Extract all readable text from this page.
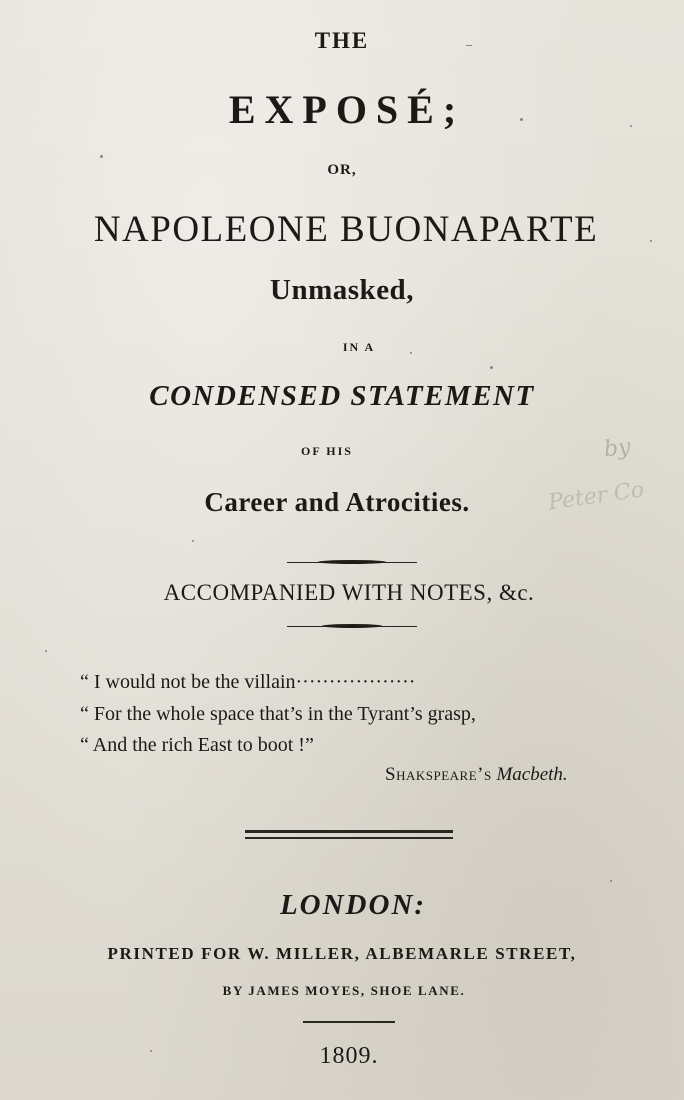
THE
EXPOSÉ;
OR,
NAPOLEONE BUONAPARTE
Unmasked,
IN A
CONDENSED STATEMENT
OF HIS
Career and Atrocities.
by
Peter Co
ACCOMPANIED WITH NOTES, &c.
“ I would not be the villain··················
“ For the whole space that’s in the Tyrant’s grasp,
“ And the rich East to boot !”
Shakspeare’s Macbeth.
LONDON:
PRINTED FOR W. MILLER, ALBEMARLE STREET,
BY JAMES MOYES, SHOE LANE.
1809.
